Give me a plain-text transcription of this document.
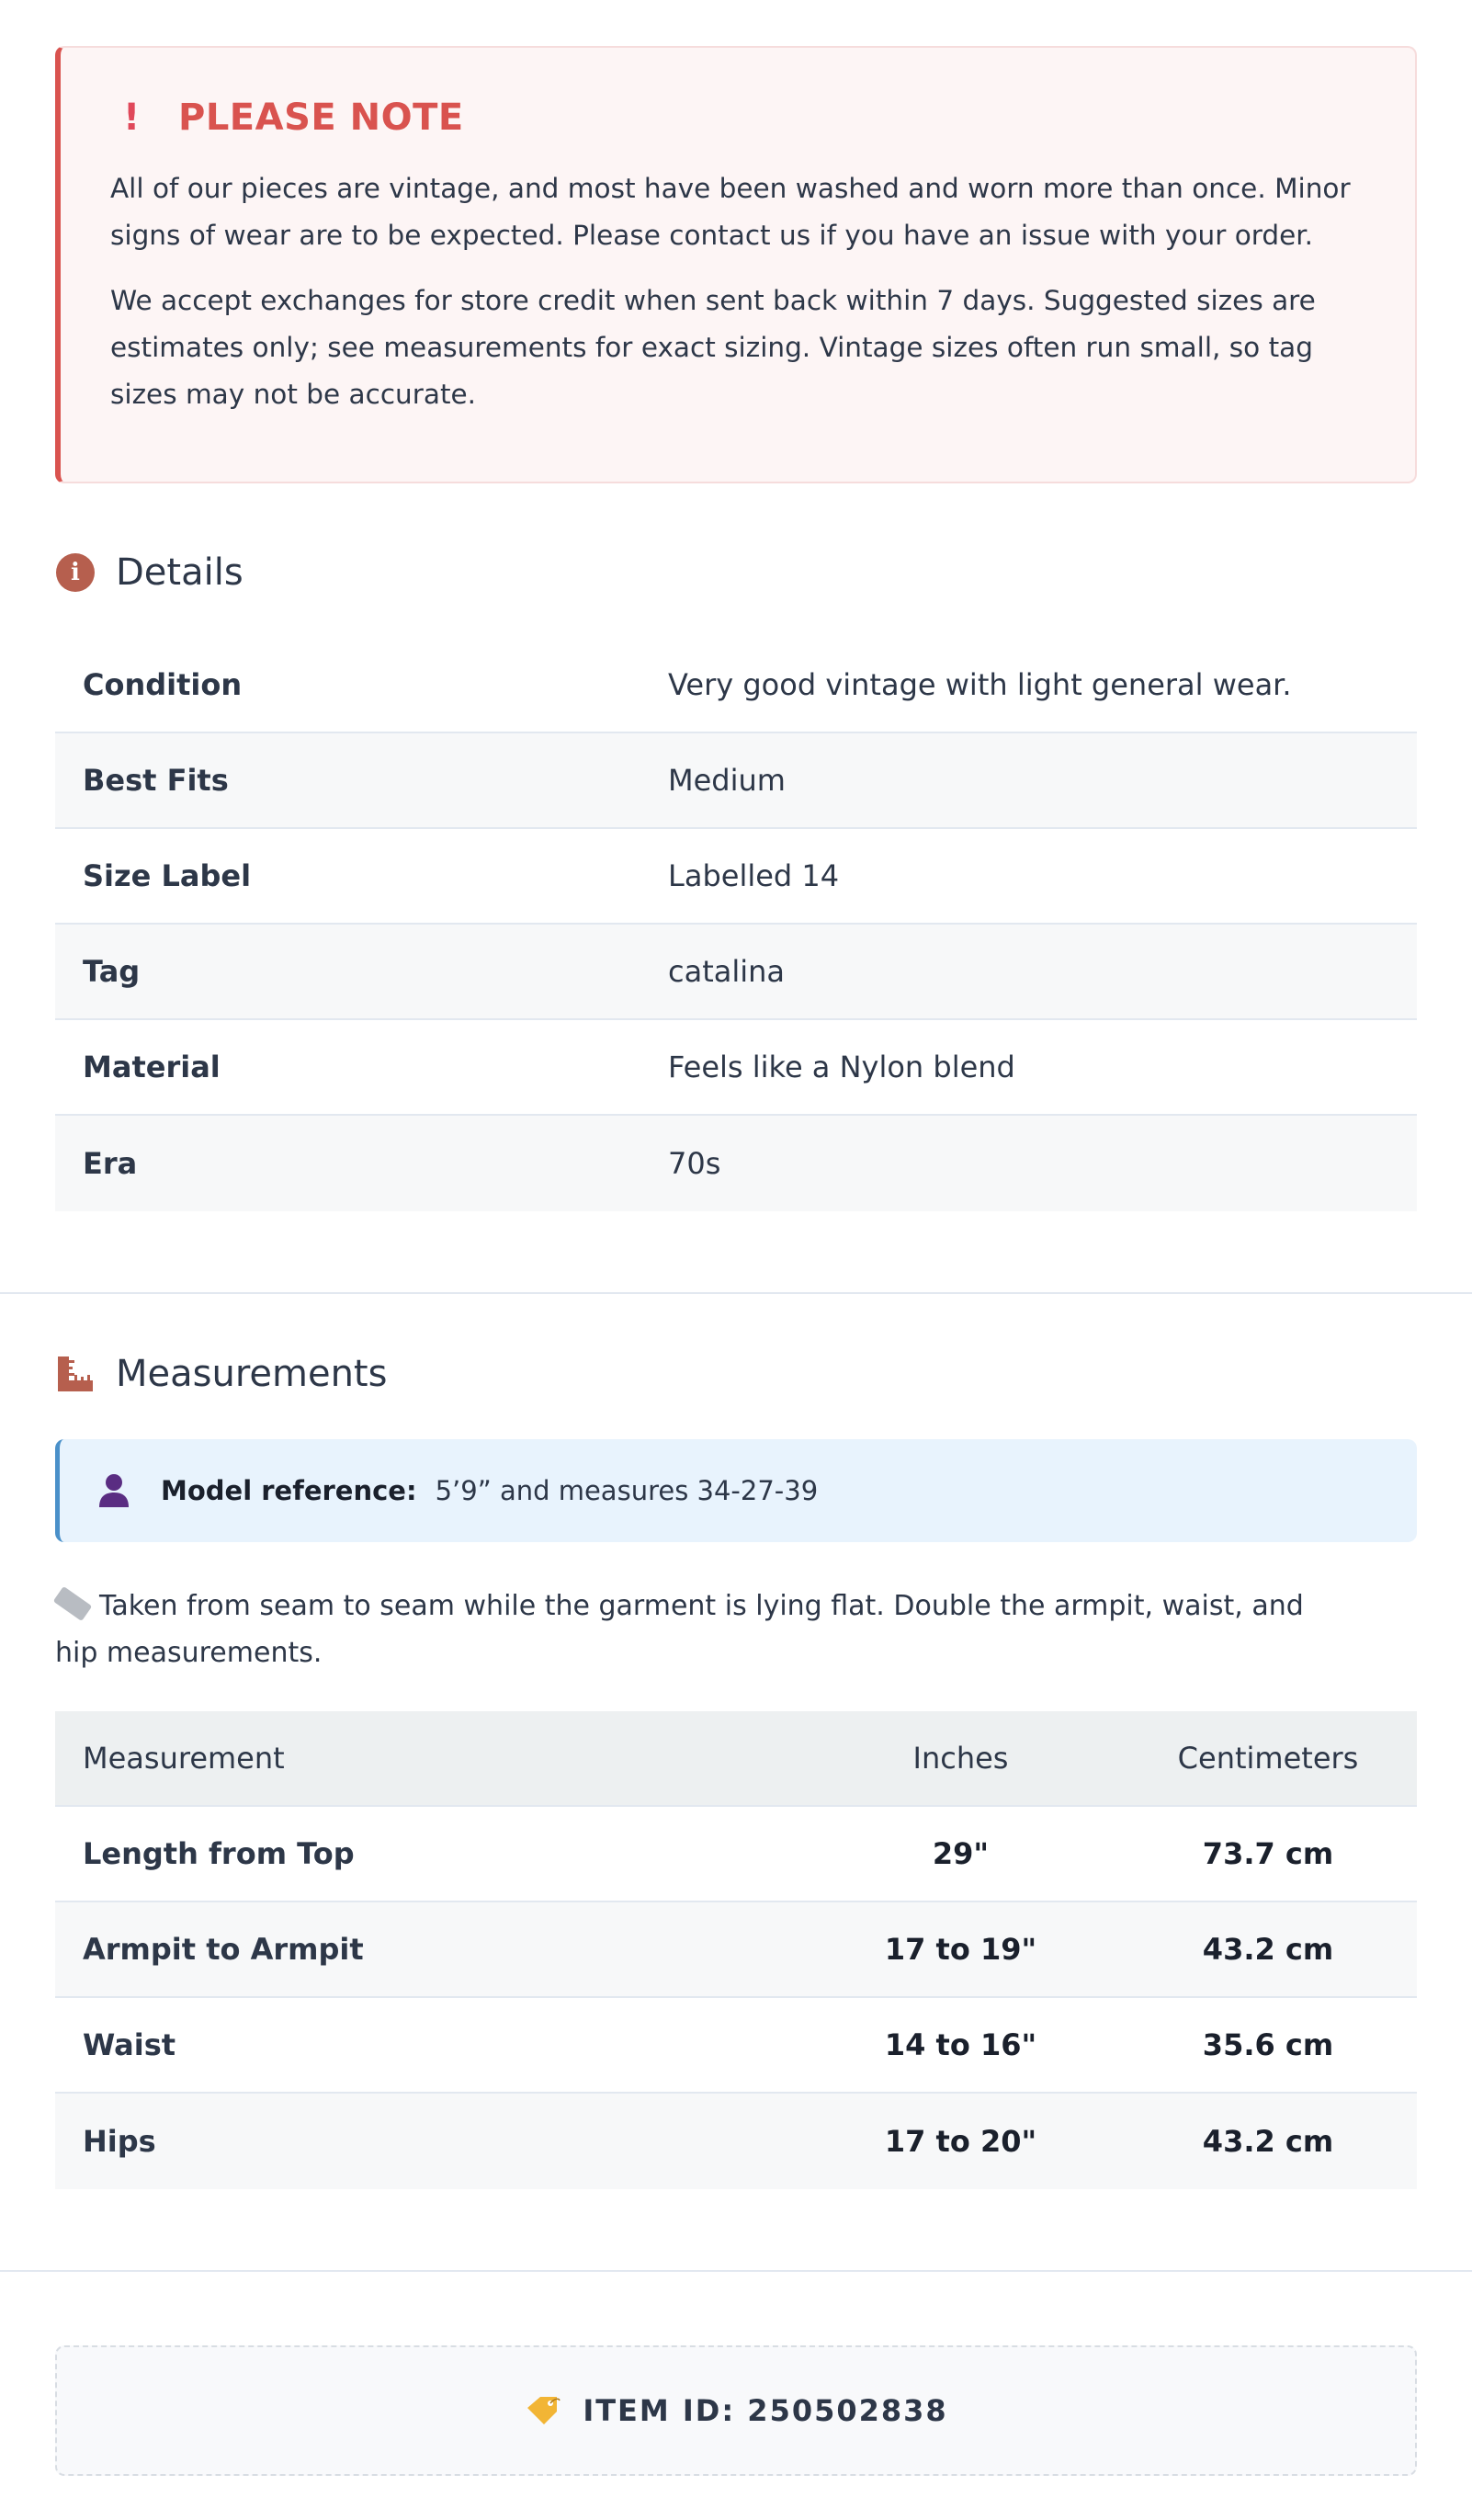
!	PLEASE NOTE

All of our pieces are vintage, and most have been washed and worn more than once. Minor signs of wear are to be expected. Please contact us if you have an issue with your order.

We accept exchanges for store credit when sent back within 7 days. Suggested sizes are estimates only; see measurements for exact sizing. Vintage sizes often run small, so tag sizes may not be accurate.

i Details
Condition	Very good vintage with light general wear.
Best Fits	Medium
Size Label	Labelled 14
Tag	catalina
Material	Feels like a Nylon blend
Era	70s
Measurements
Model reference: 5’9” and measures 34-27-39
Taken from seam to seam while the garment is lying flat. Double the armpit, waist, and hip measurements.
Measurement	Inches	Centimeters
Length from Top	29"	73.7 cm
Armpit to Armpit	17 to 19"	43.2 cm
Waist	14 to 16"	35.6 cm
Hips	17 to 20"	43.2 cm
ITEM ID: 250502838
